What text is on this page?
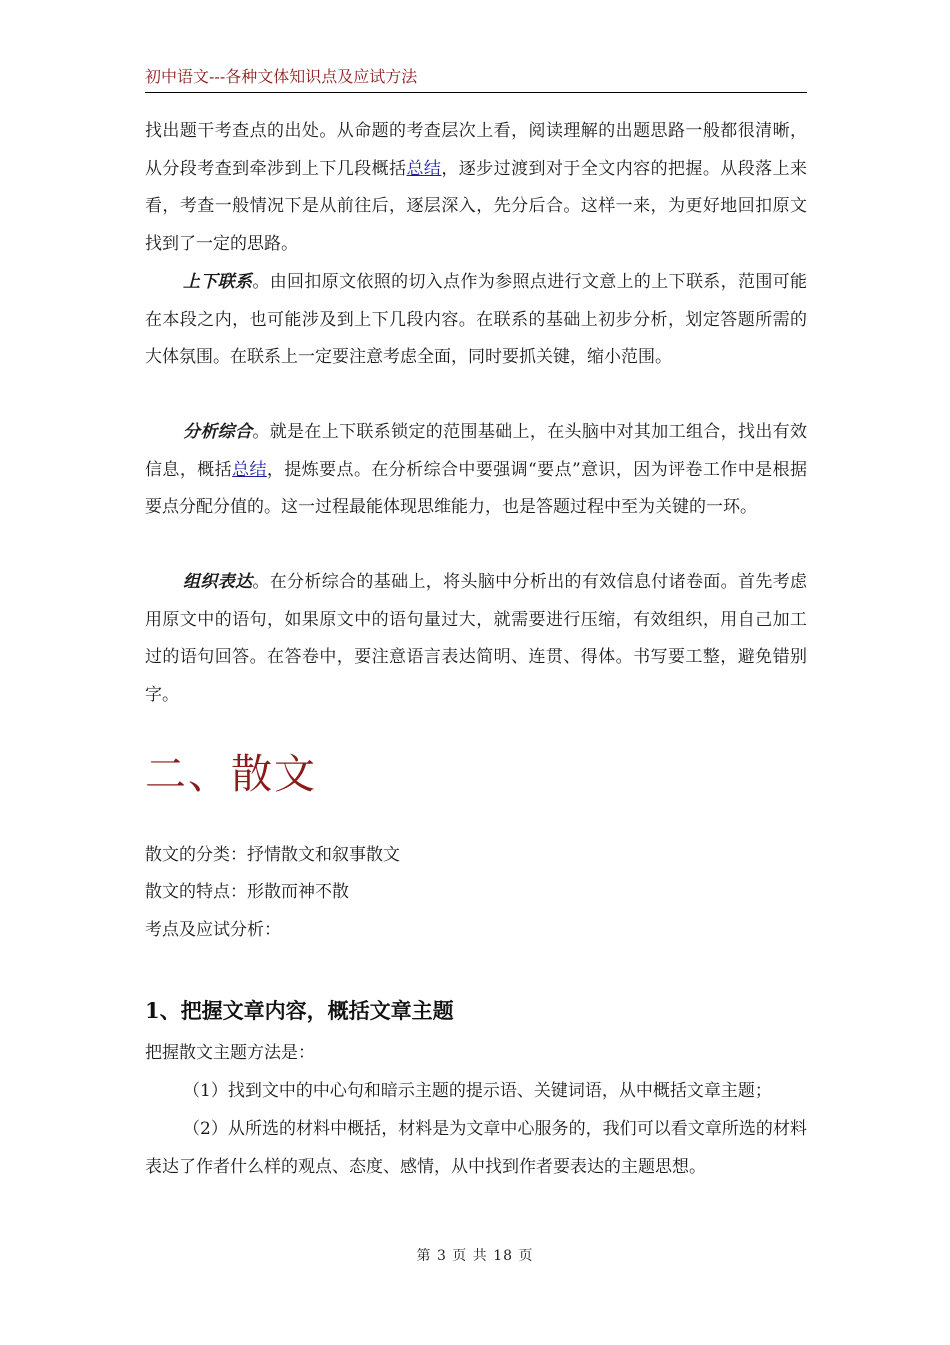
初中语文---各种文体知识点及应试方法

找出题干考查点的出处。从命题的考查层次上看，阅读理解的出题思路一般都很清晰，从分段考查到牵涉到上下几段概括总结，逐步过渡到对于全文内容的把握。从段落上来看，考查一般情况下是从前往后，逐层深入，先分后合。这样一来，为更好地回扣原文找到了一定的思路。

上下联系。由回扣原文依照的切入点作为参照点进行文意上的上下联系，范围可能在本段之内，也可能涉及到上下几段内容。在联系的基础上初步分析，划定答题所需的大体氛围。在联系上一定要注意考虑全面，同时要抓关键，缩小范围。

分析综合。就是在上下联系锁定的范围基础上，在头脑中对其加工组合，找出有效信息，概括总结，提炼要点。在分析综合中要强调“要点”意识，因为评卷工作中是根据要点分配分值的。这一过程最能体现思维能力，也是答题过程中至为关键的一环。

组织表达。在分析综合的基础上，将头脑中分析出的有效信息付诸卷面。首先考虑用原文中的语句，如果原文中的语句量过大，就需要进行压缩，有效组织，用自己加工过的语句回答。在答卷中，要注意语言表达简明、连贯、得体。书写要工整，避免错别字。

二、散文

散文的分类：抒情散文和叙事散文

散文的特点：形散而神不散

考点及应试分析：

1、把握文章内容，概括文章主题

把握散文主题方法是：

（1）找到文中的中心句和暗示主题的提示语、关键词语，从中概括文章主题；

（2）从所选的材料中概括，材料是为文章中心服务的，我们可以看文章所选的材料表达了作者什么样的观点、态度、感情，从中找到作者要表达的主题思想。

第 3 页 共 18 页
